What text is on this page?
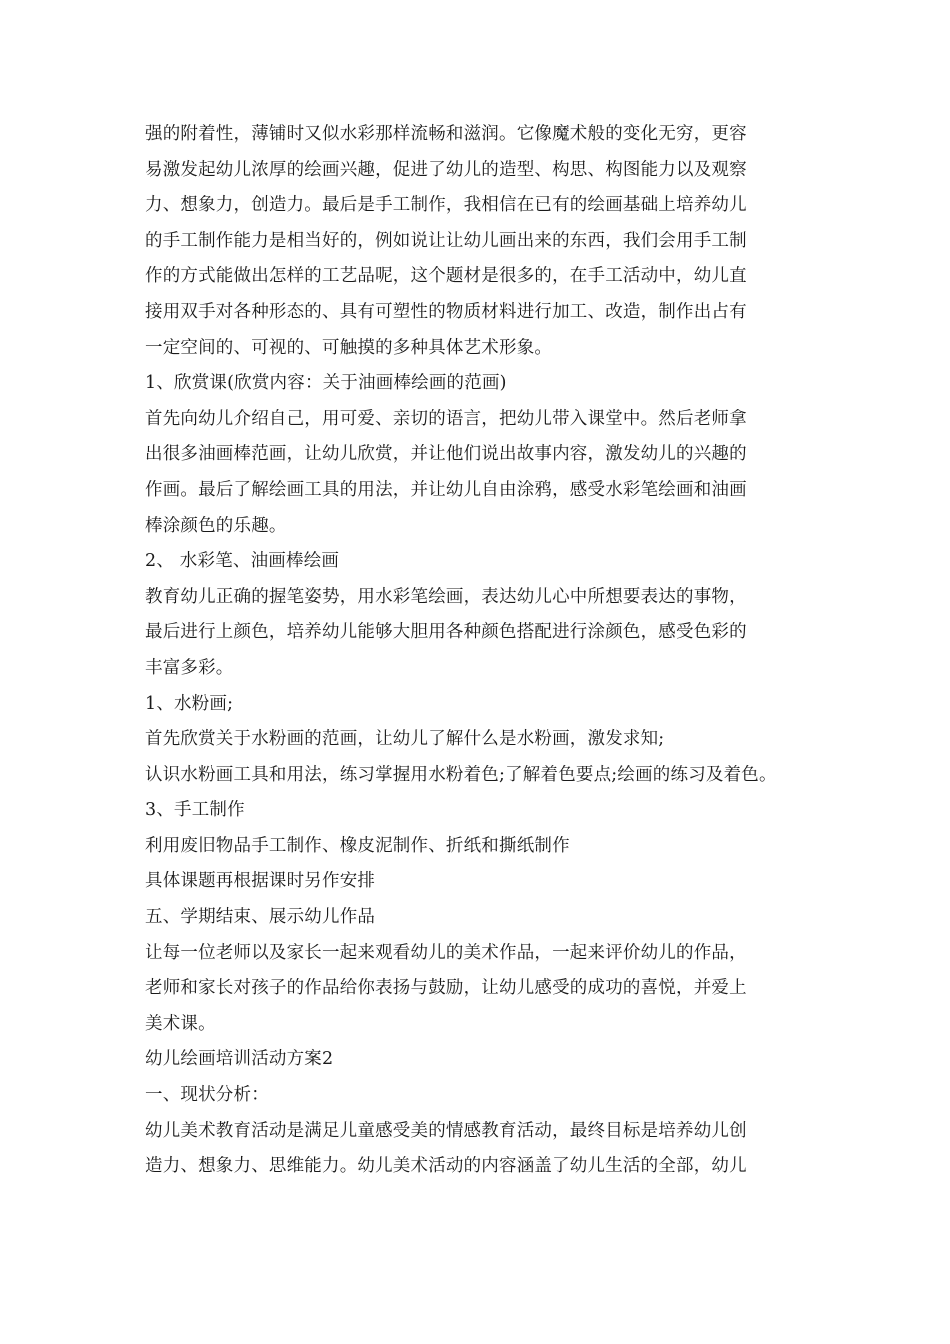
强的附着性，薄铺时又似水彩那样流畅和滋润。它像魔术般的变化无穷，更容
易激发起幼儿浓厚的绘画兴趣，促进了幼儿的造型、构思、构图能力以及观察
力、想象力，创造力。最后是手工制作，我相信在已有的绘画基础上培养幼儿
的手工制作能力是相当好的，例如说让让幼儿画出来的东西，我们会用手工制
作的方式能做出怎样的工艺品呢，这个题材是很多的，在手工活动中，幼儿直
接用双手对各种形态的、具有可塑性的物质材料进行加工、改造，制作出占有
一定空间的、可视的、可触摸的多种具体艺术形象。

1、欣赏课(欣赏内容：关于油画棒绘画的范画)

首先向幼儿介绍自己，用可爱、亲切的语言，把幼儿带入课堂中。然后老师拿
出很多油画棒范画，让幼儿欣赏，并让他们说出故事内容，激发幼儿的兴趣的
作画。最后了解绘画工具的用法，并让幼儿自由涂鸦，感受水彩笔绘画和油画
棒涂颜色的乐趣。

2、 水彩笔、油画棒绘画

教育幼儿正确的握笔姿势，用水彩笔绘画，表达幼儿心中所想要表达的事物，
最后进行上颜色，培养幼儿能够大胆用各种颜色搭配进行涂颜色，感受色彩的
丰富多彩。

1、水粉画;

首先欣赏关于水粉画的范画，让幼儿了解什么是水粉画，激发求知;

认识水粉画工具和用法，练习掌握用水粉着色;了解着色要点;绘画的练习及着色。

3、手工制作

利用废旧物品手工制作、橡皮泥制作、折纸和撕纸制作

具体课题再根据课时另作安排

五、学期结束、展示幼儿作品

让每一位老师以及家长一起来观看幼儿的美术作品，一起来评价幼儿的作品，
老师和家长对孩子的作品给你表扬与鼓励，让幼儿感受的成功的喜悦，并爱上
美术课。

幼儿绘画培训活动方案2

一、现状分析：

幼儿美术教育活动是满足儿童感受美的情感教育活动，最终目标是培养幼儿创
造力、想象力、思维能力。幼儿美术活动的内容涵盖了幼儿生活的全部，幼儿
